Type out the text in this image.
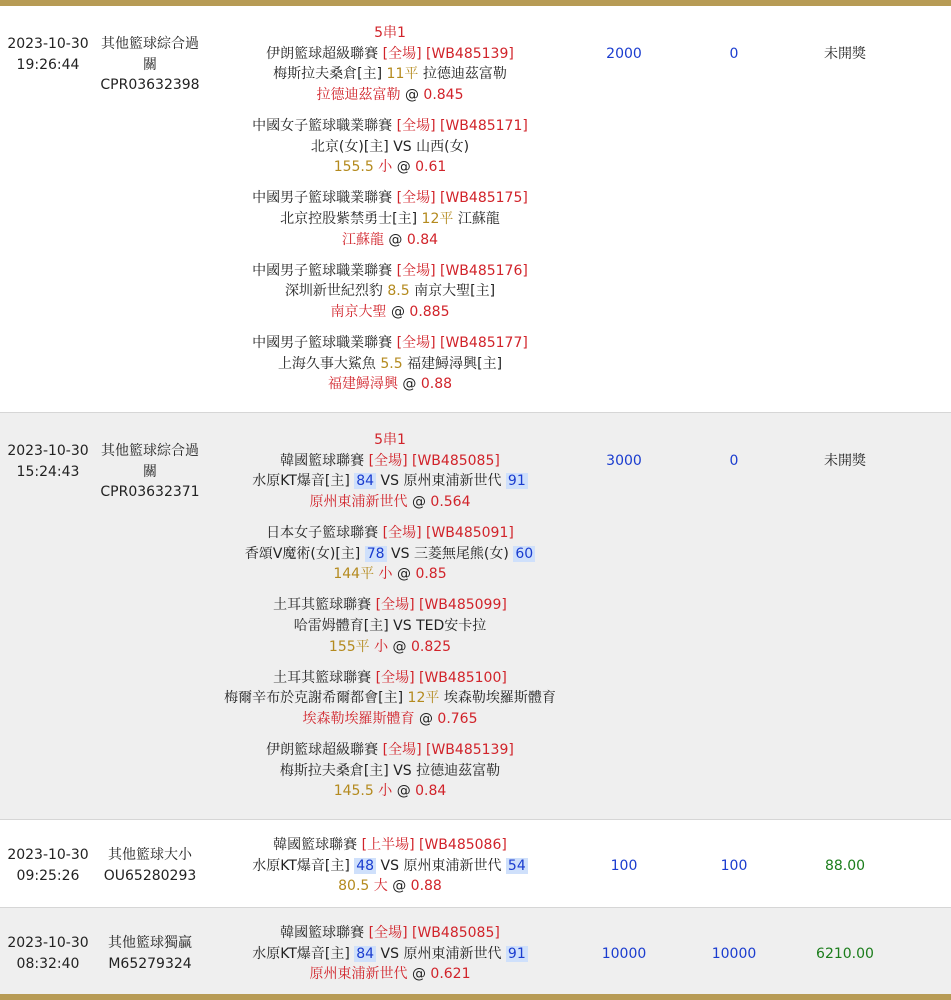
2023-10-30
19:26:44
其他籃球綜合過
關
CPR03632398
5串1
伊朗籃球超級聯賽 [全場] [WB485139]
梅斯拉夫桑倉[主] 11平 拉德迪茲富勒
拉德迪茲富勒 @ 0.845
中國女子籃球職業聯賽 [全場] [WB485171]
北京(女)[主] VS 山西(女)
155.5 小 @ 0.61
中國男子籃球職業聯賽 [全場] [WB485175]
北京控股紫禁勇士[主] 12平 江蘇龍
江蘇龍 @ 0.84
中國男子籃球職業聯賽 [全場] [WB485176]
深圳新世紀烈豹 8.5 南京大聖[主]
南京大聖 @ 0.885
中國男子籃球職業聯賽 [全場] [WB485177]
上海久事大鯊魚 5.5 福建鱘潯興[主]
福建鱘潯興 @ 0.88
2000	0	未開獎
2023-10-30
15:24:43
其他籃球綜合過
關
CPR03632371
5串1
韓國籃球聯賽 [全場] [WB485085]
水原KT爆音[主] 84 VS 原州東浦新世代 91
原州東浦新世代 @ 0.564
日本女子籃球聯賽 [全場] [WB485091]
香頌V魔術(女)[主] 78 VS 三菱無尾熊(女) 60
144平 小 @ 0.85
土耳其籃球聯賽 [全場] [WB485099]
哈雷姆體育[主] VS TED安卡拉
155平 小 @ 0.825
土耳其籃球聯賽 [全場] [WB485100]
梅爾辛布於克謝希爾都會[主] 12平 埃森勒埃羅斯體育
埃森勒埃羅斯體育 @ 0.765
伊朗籃球超級聯賽 [全場] [WB485139]
梅斯拉夫桑倉[主] VS 拉德迪茲富勒
145.5 小 @ 0.84
3000	0	未開獎
2023-10-30
09:25:26
其他籃球大小
OU65280293
韓國籃球聯賽 [上半場] [WB485086]
水原KT爆音[主] 48 VS 原州東浦新世代 54
80.5 大 @ 0.88
100	100	88.00
2023-10-30
08:32:40
其他籃球獨贏
M65279324
韓國籃球聯賽 [全場] [WB485085]
水原KT爆音[主] 84 VS 原州東浦新世代 91
原州東浦新世代 @ 0.621
10000	10000	6210.00
